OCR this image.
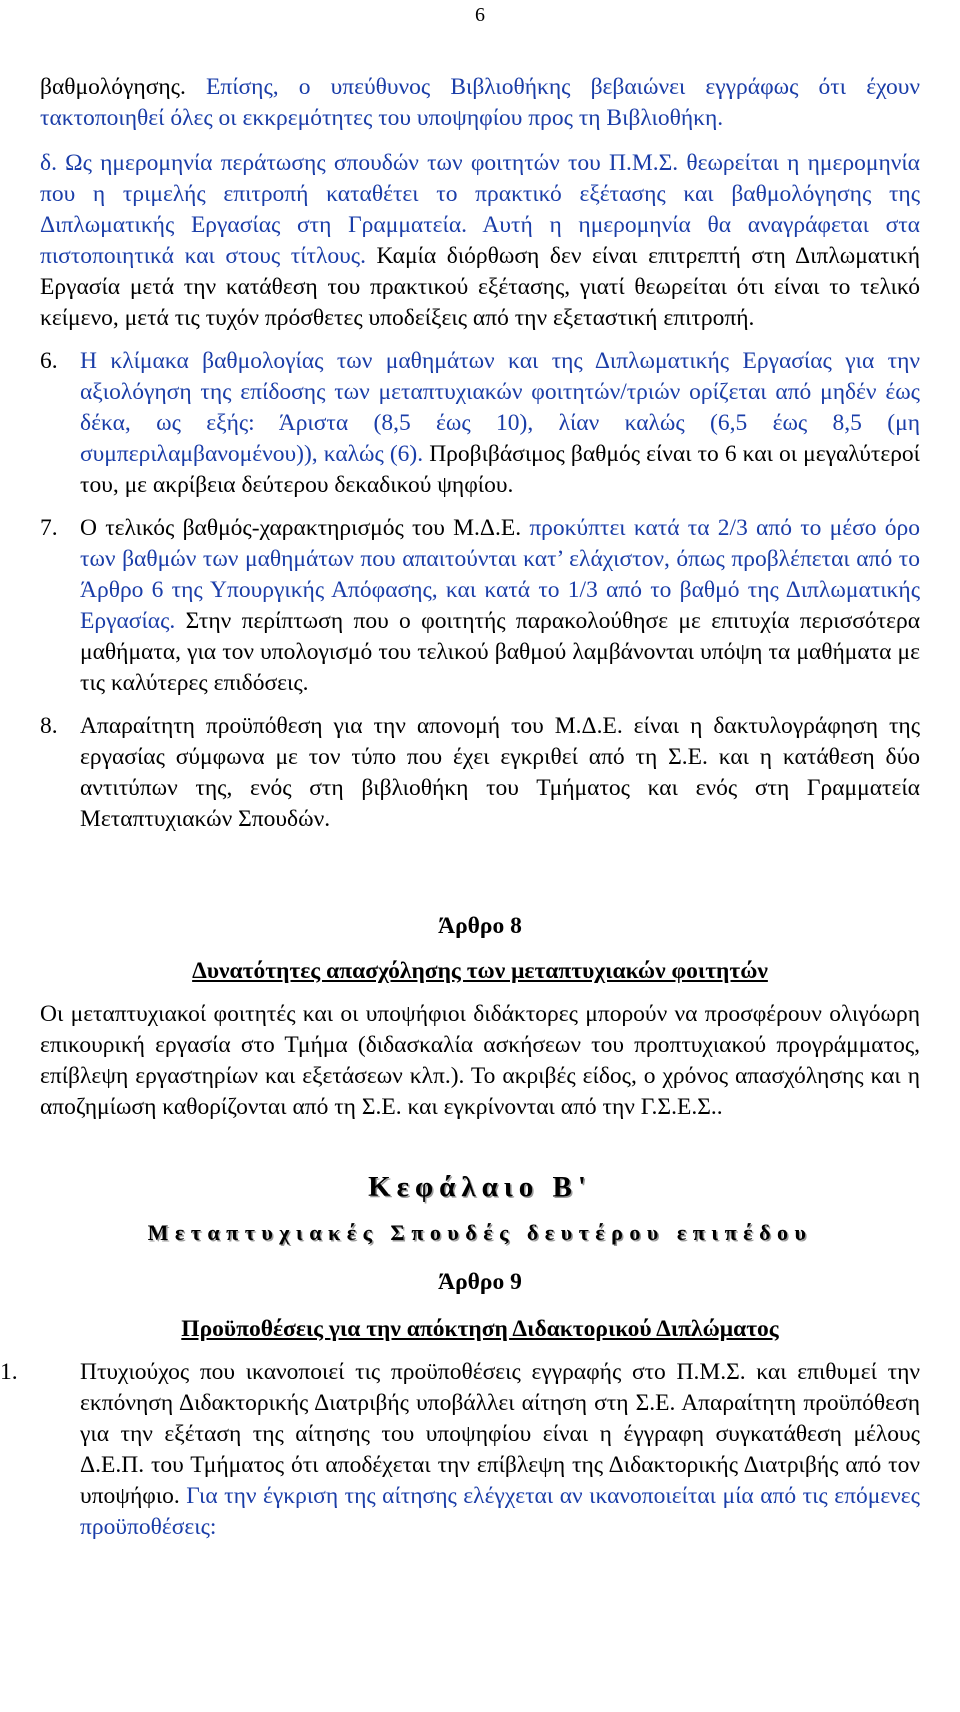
6

βαθμολόγησης. Επίσης, ο υπεύθυνος Βιβλιοθήκης βεβαιώνει εγγράφως ότι έχουν τακτοποιηθεί όλες οι εκκρεμότητες του υποψηφίου προς τη Βιβλιοθήκη.

δ. Ως ημερομηνία περάτωσης σπουδών των φοιτητών του Π.Μ.Σ. θεωρείται η ημερομηνία που η τριμελής επιτροπή καταθέτει το πρακτικό εξέτασης και βαθμολόγησης της Διπλωματικής Εργασίας στη Γραμματεία. Αυτή η ημερομηνία θα αναγράφεται στα πιστοποιητικά και στους τίτλους. Καμία διόρθωση δεν είναι επιτρεπτή στη Διπλωματική Εργασία μετά την κατάθεση του πρακτικού εξέτασης, γιατί θεωρείται ότι είναι το τελικό κείμενο, μετά τις τυχόν πρόσθετες υποδείξεις από την εξεταστική επιτροπή.

6. Η κλίμακα βαθμολογίας των μαθημάτων και της Διπλωματικής Εργασίας για την αξιολόγηση της επίδοσης των μεταπτυχιακών φοιτητών/τριών ορίζεται από μηδέν έως δέκα, ως εξής: Άριστα (8,5 έως 10), λίαν καλώς (6,5 έως 8,5 (μη συμπεριλαμβανομένου)), καλώς (6). Προβιβάσιμος βαθμός είναι το 6 και οι μεγαλύτεροί του, με ακρίβεια δεύτερου δεκαδικού ψηφίου.

7. Ο τελικός βαθμός-χαρακτηρισμός του Μ.Δ.Ε. προκύπτει κατά τα 2/3 από το μέσο όρο των βαθμών των μαθημάτων που απαιτούνται κατ’ ελάχιστον, όπως προβλέπεται από το Άρθρο 6 της Υπουργικής Απόφασης, και κατά το 1/3 από το βαθμό της Διπλωματικής Εργασίας. Στην περίπτωση που ο φοιτητής παρακολούθησε με επιτυχία περισσότερα μαθήματα, για τον υπολογισμό του τελικού βαθμού λαμβάνονται υπόψη τα μαθήματα με τις καλύτερες επιδόσεις.

8. Απαραίτητη προϋπόθεση για την απονομή του Μ.Δ.Ε. είναι η δακτυλογράφηση της εργασίας σύμφωνα με τον τύπο που έχει εγκριθεί από τη Σ.Ε. και η κατάθεση δύο αντιτύπων της, ενός στη βιβλιοθήκη του Τμήματος και ενός στη Γραμματεία Μεταπτυχιακών Σπουδών.

Άρθρο 8

Δυνατότητες απασχόλησης των μεταπτυχιακών φοιτητών

Οι μεταπτυχιακοί φοιτητές και οι υποψήφιοι διδάκτορες μπορούν να προσφέρουν ολιγόωρη επικουρική εργασία στο Τμήμα (διδασκαλία ασκήσεων του προπτυχιακού προγράμματος, επίβλεψη εργαστηρίων και εξετάσεων κλπ.). Το ακριβές είδος, ο χρόνος απασχόλησης και η αποζημίωση καθορίζονται από τη Σ.Ε. και εγκρίνονται από την Γ.Σ.Ε.Σ..

Κεφάλαιο Β'

Μεταπτυχιακές Σπουδές δευτέρου επιπέδου

Άρθρο 9

Προϋποθέσεις για την απόκτηση Διδακτορικού Διπλώματος

1.	Πτυχιούχος που ικανοποιεί τις προϋποθέσεις εγγραφής στο Π.Μ.Σ. και επιθυμεί την εκπόνηση Διδακτορικής Διατριβής υποβάλλει αίτηση στη Σ.Ε. Απαραίτητη προϋπόθεση για την εξέταση της αίτησης του υποψηφίου είναι η έγγραφη συγκατάθεση μέλους Δ.Ε.Π. του Τμήματος ότι αποδέχεται την επίβλεψη της Διδακτορικής Διατριβής από τον υποψήφιο. Για την έγκριση της αίτησης ελέγχεται αν ικανοποιείται μία από τις επόμενες προϋποθέσεις:
